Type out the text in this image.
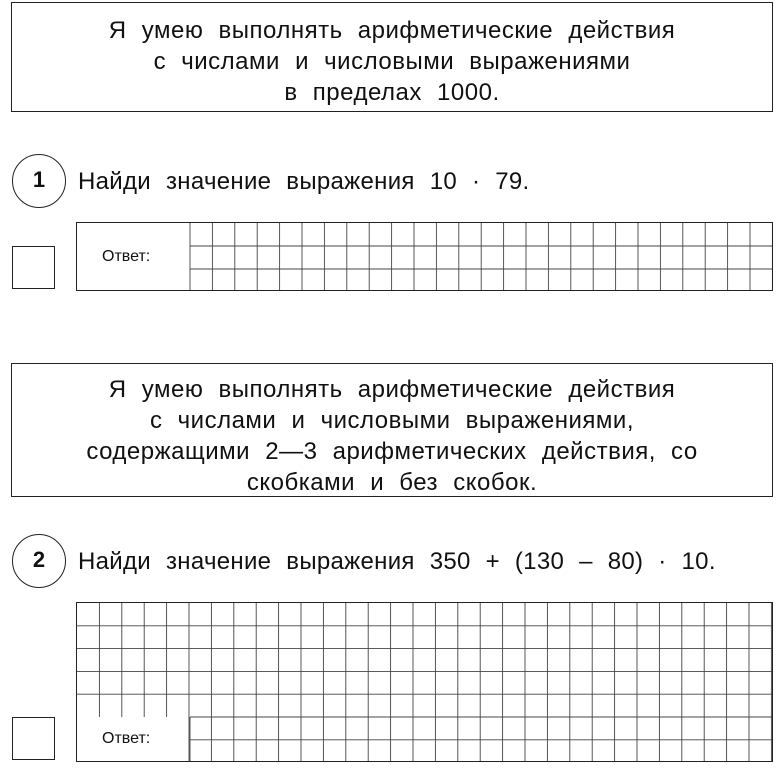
Я умею выполнять арифметические действия
с числами и числовыми выражениями
в пределах 1000.
1	Найди значение выражения 10 · 79.
Ответ:
Я умею выполнять арифметические действия
с числами и числовыми выражениями,
содержащими 2—3 арифметических действия, со
скобками и без скобок.
2	Найди значение выражения 350 + (130 – 80) · 10.
Ответ:
